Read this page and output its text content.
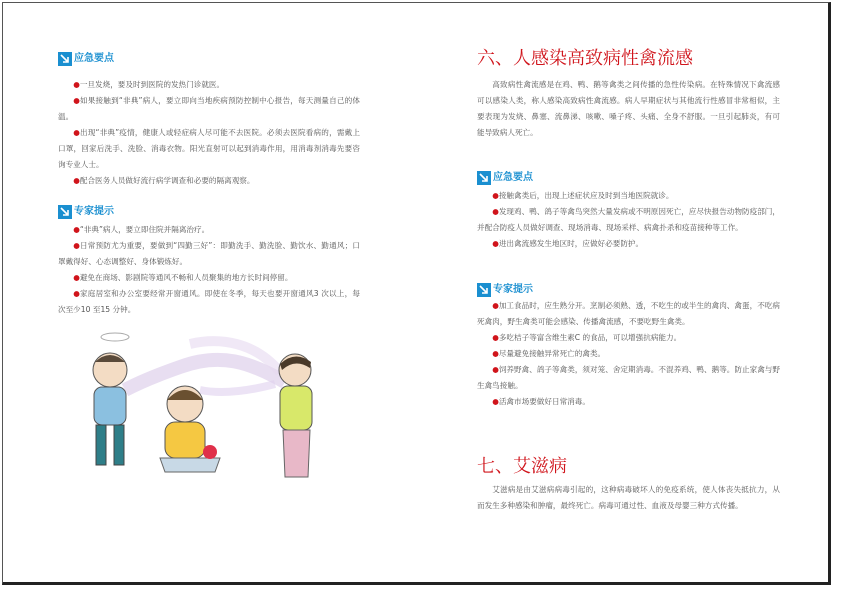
应急要点
●一旦发烧，要及时到医院的发热门诊就医。
●如果接触到“非典”病人，要立即向当地疾病预防控制中心报告，每天测量自己的体温。
●出现“非典”疫情，健康人或轻症病人尽可能不去医院。必须去医院看病的，需戴上口罩，回家后洗手、洗脸、消毒衣物。阳光直射可以起到消毒作用，用消毒剂消毒先要咨询专业人士。
●配合医务人员做好流行病学调查和必要的隔离观察。
专家提示
●“非典”病人，要立即住院并隔离治疗。
●日常预防尤为重要，要做到“四勤三好”：即勤洗手、勤洗脸、勤饮水、勤通风；口罩戴得好、心态调整好、身体锻炼好。
●避免在商场、影剧院等通风不畅和人员聚集的地方长时间停留。
●家庭居室和办公室要经常开窗通风。即使在冬季，每天也要开窗通风3 次以上，每次至少10 至15 分钟。
六、人感染高致病性禽流感
高致病性禽流感是在鸡、鸭、鹅等禽类之间传播的急性传染病。在特殊情况下禽流感可以感染人类，称人感染高致病性禽流感。病人早期症状与其他流行性感冒非常相似，主要表现为发烧、鼻塞、流鼻涕、咳嗽、嗓子疼、头痛、全身不舒服。一旦引起肺炎，有可能导致病人死亡。
应急要点
●接触禽类后，出现上述症状应及时到当地医院就诊。
●发现鸡、鸭、鸽子等禽鸟突然大量发病或不明原因死亡，应尽快报告动物防疫部门，并配合防疫人员做好调查、现场消毒、现场采样、病禽扑杀和疫苗接种等工作。
●进出禽流感发生地区时，应做好必要防护。
专家提示
●加工食品时，应生熟分开。烹制必须熟、透，不吃生的或半生的禽肉、禽蛋，不吃病死禽肉，野生禽类可能会感染、传播禽流感，不要吃野生禽类。
●多吃桔子等富含维生素C 的食品，可以增强抗病能力。
●尽量避免接触异常死亡的禽类。
●饲养野禽、鸽子等禽类，须对笼、舍定期消毒。不混养鸡、鸭、鹅等。防止家禽与野生禽鸟接触。
●活禽市场要做好日常消毒。
七、艾滋病
艾滋病是由艾滋病病毒引起的，这种病毒破坏人的免疫系统，使人体丧失抵抗力，从而发生多种感染和肿瘤，最终死亡。病毒可通过性、血液及母婴三种方式传播。
